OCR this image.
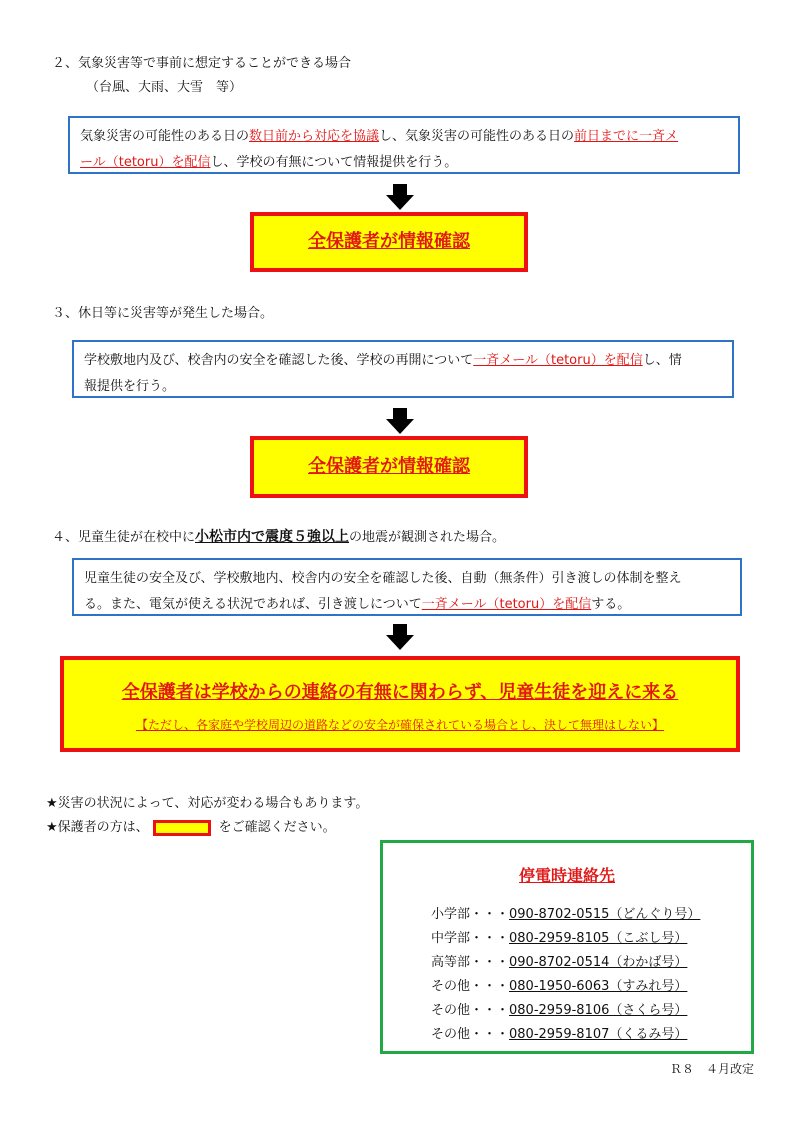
２、気象災害等で事前に想定することができる場合
（台風、大雨、大雪　等）
気象災害の可能性のある日の数日前から対応を協議し、気象災害の可能性のある日の前日までに一斉メ
ール（tetoru）を配信し、学校の有無について情報提供を行う。
全保護者が情報確認
３、休日等に災害等が発生した場合。
学校敷地内及び、校舎内の安全を確認した後、学校の再開について一斉メール（tetoru）を配信し、情
報提供を行う。
全保護者が情報確認
４、児童生徒が在校中に小松市内で震度５強以上の地震が観測された場合。
児童生徒の安全及び、学校敷地内、校舎内の安全を確認した後、自動（無条件）引き渡しの体制を整え
る。また、電気が使える状況であれば、引き渡しについて一斉メール（tetoru）を配信する。
全保護者は学校からの連絡の有無に関わらず、児童生徒を迎えに来る
【ただし、各家庭や学校周辺の道路などの安全が確保されている場合とし、決して無理はしない】
★災害の状況によって、対応が変わる場合もあります。
★保護者の方は、	をご確認ください。
停電時連絡先
小学部・・・090-8702-0515（どんぐり号）
中学部・・・080-2959-8105（こぶし号）
高等部・・・090-8702-0514（わかば号）
その他・・・080-1950-6063（すみれ号）
その他・・・080-2959-8106（さくら号）
その他・・・080-2959-8107（くるみ号）
Ｒ８　４月改定
